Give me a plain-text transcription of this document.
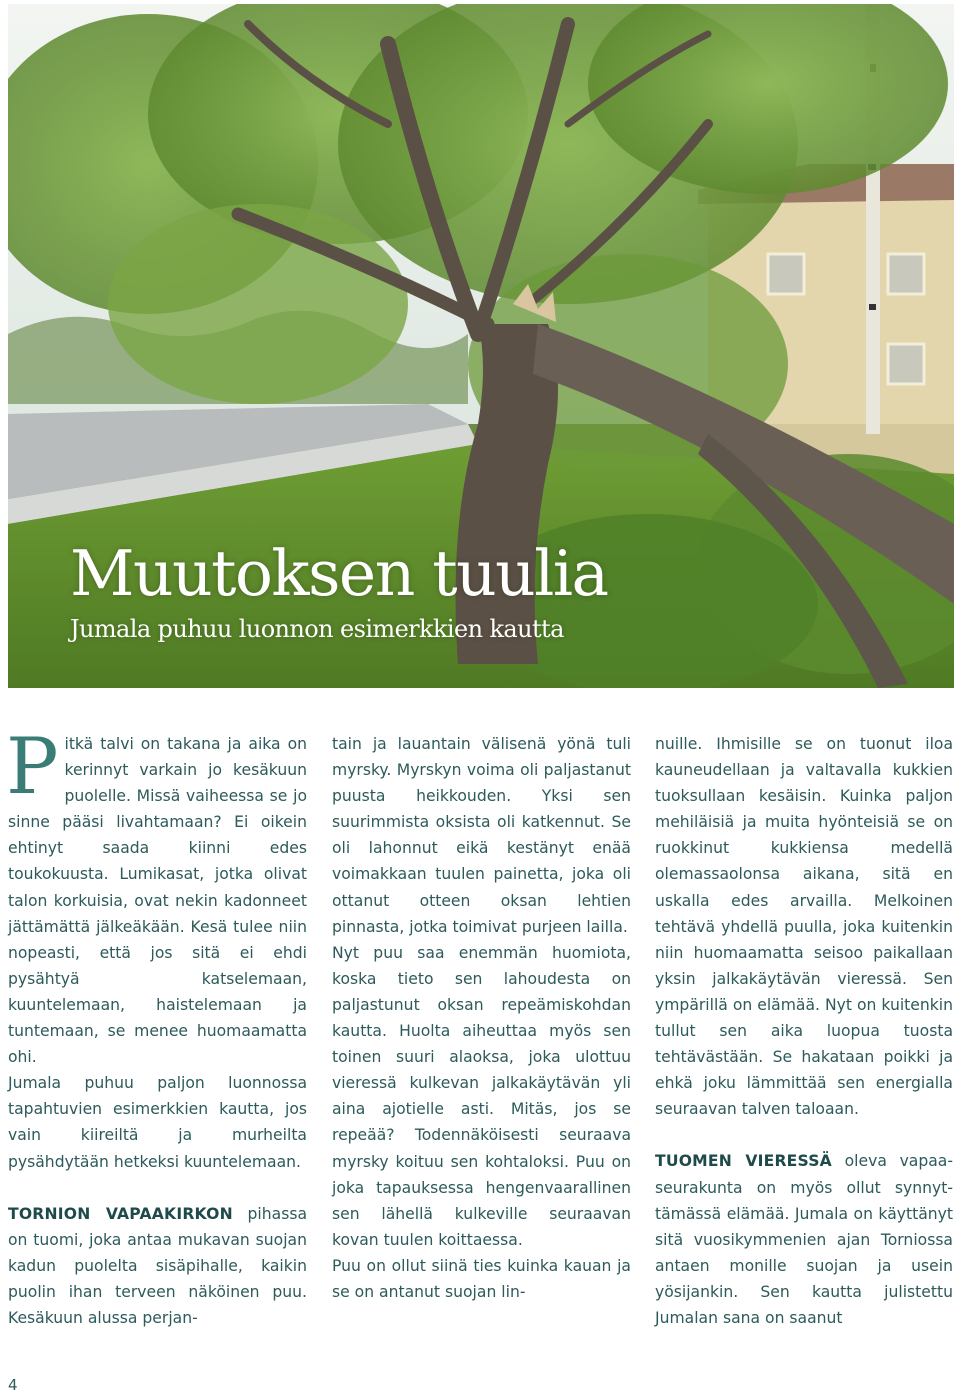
Muutoksen tuulia
Jumala puhuu luonnon esimerkkien kautta

Pitkä talvi on takana ja aika on kerinnyt varkain jo kesäkuun puolelle. Missä vaiheessa se jo sinne pääsi livahtamaan? Ei oikein ehtinyt saada kiinni edes toukokuusta. Lumikasat, jotka olivat talon korkuisia, ovat nekin kadonneet jättämättä jälkeäkään. Kesä tulee niin nopeasti, että jos sitä ei ehdi pysähtyä katselemaan, kuuntelemaan, haistelemaan ja tuntemaan, se menee huomaamatta ohi.

Jumala puhuu paljon luonnossa tapahtuvien esimerkkien kautta, jos vain kiireiltä ja murheilta pysähdytään hetkeksi kuuntelemaan.

TORNION VAPAAKIRKON pihassa on tuomi, joka antaa mukavan suojan kadun puolelta sisäpihalle, kaikin puolin ihan terveen näköinen puu. Kesäkuun alussa perjan-

tain ja lauantain välisenä yönä tuli myrsky. Myrskyn voima oli paljastanut puusta heikkouden. Yksi sen suurimmista oksista oli katkennut. Se oli lahonnut eikä kestänyt enää voimakkaan tuulen painetta, joka oli ottanut otteen oksan lehtien pinnasta, jotka toimivat purjeen lailla.

Nyt puu saa enemmän huomiota, koska tieto sen lahoudesta on paljastunut oksan repeämiskohdan kautta. Huolta aiheuttaa myös sen toinen suuri alaoksa, joka ulottuu vieressä kulkevan jalkakäytävän yli aina ajotielle asti. Mitäs, jos se repeää? Todennäköisesti seuraava myrsky koituu sen kohtaloksi. Puu on joka tapauksessa hengenvaarallinen sen lähellä kulkeville seuraavan kovan tuulen koittaessa.

Puu on ollut siinä ties kuinka kauan ja se on antanut suojan lin-

nuille. Ihmisille se on tuonut iloa kauneudellaan ja valtavalla kukkien tuoksullaan kesäisin. Kuinka paljon mehiläisiä ja muita hyönteisiä se on ruokkinut kukkiensa medellä olemassaolonsa aikana, sitä en uskalla edes arvailla. Melkoinen tehtävä yhdellä puulla, joka kuitenkin niin huomaamatta seisoo paikallaan yksin jalkakäytävän vieressä. Sen ympärillä on elämää. Nyt on kuitenkin tullut sen aika luopua tuosta tehtävästään. Se hakataan poikki ja ehkä joku lämmittää sen energialla seuraavan talven taloaan.

TUOMEN VIERESSÄ oleva vapaaseurakunta on myös ollut synnyttämässä elämää. Jumala on käyttänyt sitä vuosikymmenien ajan Torniossa antaen monille suojan ja usein yösijankin. Sen kautta julistettu Jumalan sana on saanut

4
